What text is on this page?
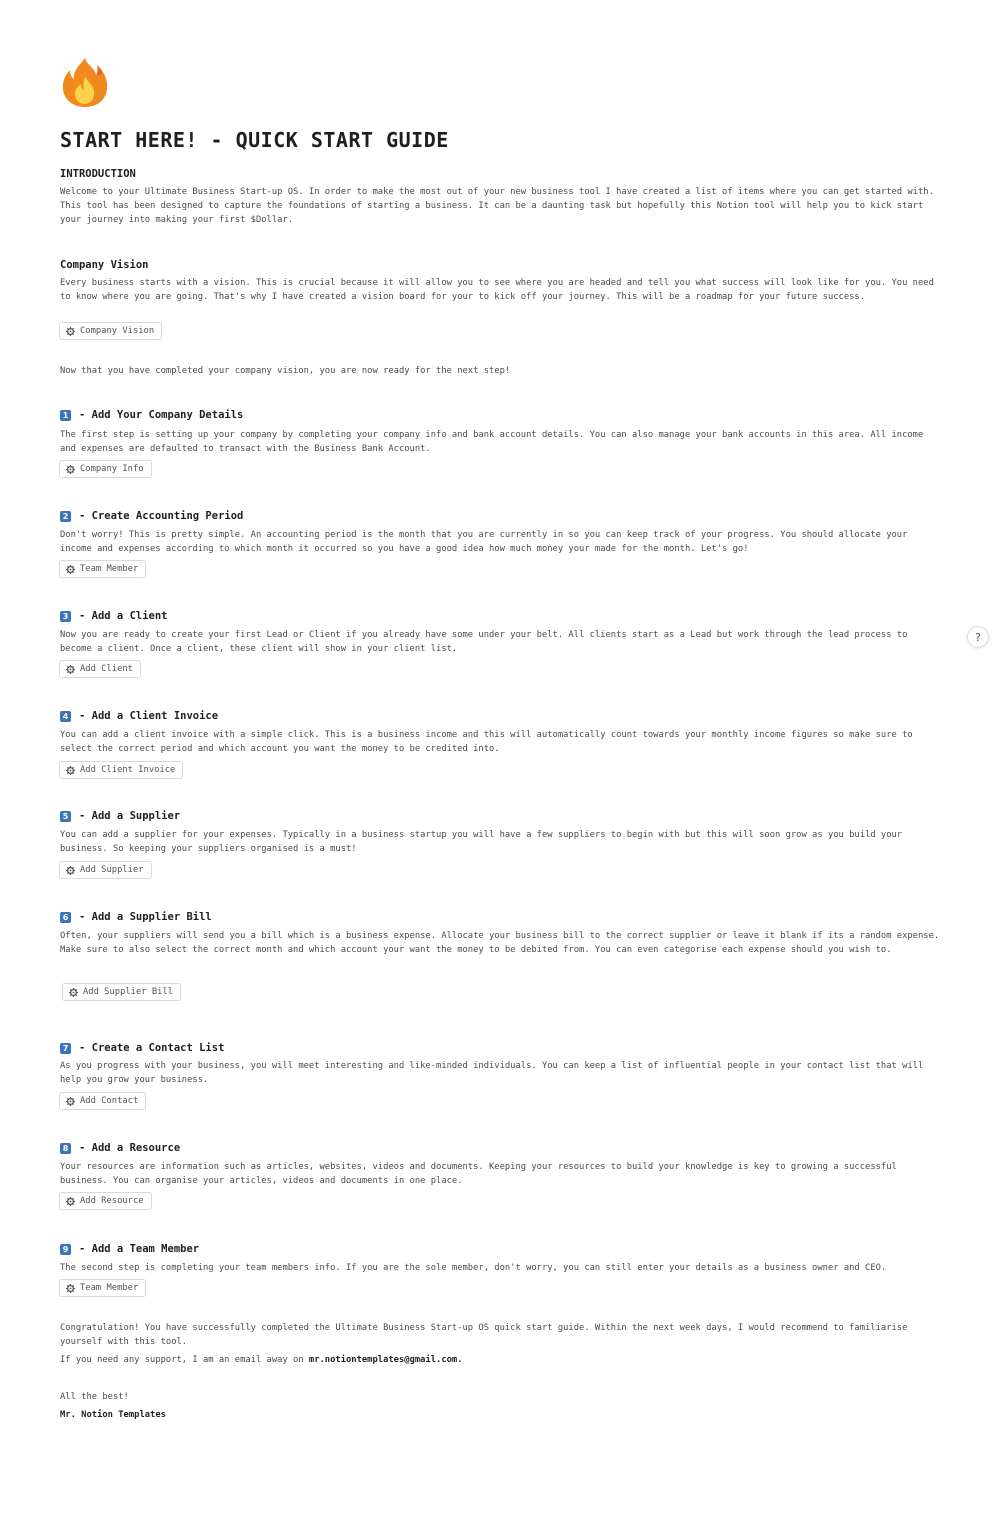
START HERE! - QUICK START GUIDE
INTRODUCTION
Welcome to your Ultimate Business Start-up OS. In order to make the most out of your new business tool I have created a list of items where you can get started with. This tool has been designed to capture the foundations of starting a business. It can be a daunting task but hopefully this Notion tool will help you to kick start your journey into making your first $Dollar.
Company Vision
Every business starts with a vision. This is crucial because it will allow you to see where you are headed and tell you what success will look like for you. You need to know where you are going. That's why I have created a vision board for your to kick off your journey. This will be a roadmap for your future success.
Company Vision
Now that you have completed your company vision, you are now ready for the next step!
1 - Add Your Company Details
The first step is setting up your company by completing your company info and bank account details. You can also manage your bank accounts in this area. All income and expenses are defaulted to transact with the Business Bank Account.
Company Info
2 - Create Accounting Period
Don't worry! This is pretty simple. An accounting period is the month that you are currently in so you can keep track of your progress. You should allocate your income and expenses according to which month it occurred so you have a good idea how much money your made for the month. Let's go!
Team Member
3 - Add a Client
Now you are ready to create your first Lead or Client if you already have some under your belt. All clients start as a Lead but work through the lead process to become a client. Once a client, these client will show in your client list.
Add Client
4 - Add a Client Invoice
You can add a client invoice with a simple click. This is a business income and this will automatically count towards your monthly income figures so make sure to select the correct period and which account you want the money to be credited into.
Add Client Invoice
5 - Add a Supplier
You can add a supplier for your expenses. Typically in a business startup you will have a few suppliers to begin with but this will soon grow as you build your business. So keeping your suppliers organised is a must!
Add Supplier
6 - Add a Supplier Bill
Often, your suppliers will send you a bill which is a business expense. Allocate your business bill to the correct supplier or leave it blank if its a random expense. Make sure to also select the correct month and which account your want the money to be debited from. You can even categorise each expense should you wish to.
Add Supplier Bill
7 - Create a Contact List
As you progress with your business, you will meet interesting and like-minded individuals. You can keep a list of influential people in your contact list that will help you grow your business.
Add Contact
8 - Add a Resource
Your resources are information such as articles, websites, videos and documents. Keeping your resources to build your knowledge is key to growing a successful business. You can organise your articles, videos and documents in one place.
Add Resource
9 - Add a Team Member
The second step is completing your team members info. If you are the sole member, don't worry, you can still enter your details as a business owner and CEO.
Team Member
Congratulation! You have successfully completed the Ultimate Business Start-up OS quick start guide. Within the next week days, I would recommend to familiarise yourself with this tool.
If you need any support, I am an email away on mr.notiontemplates@gmail.com.
All the best!
Mr. Notion Templates
?
